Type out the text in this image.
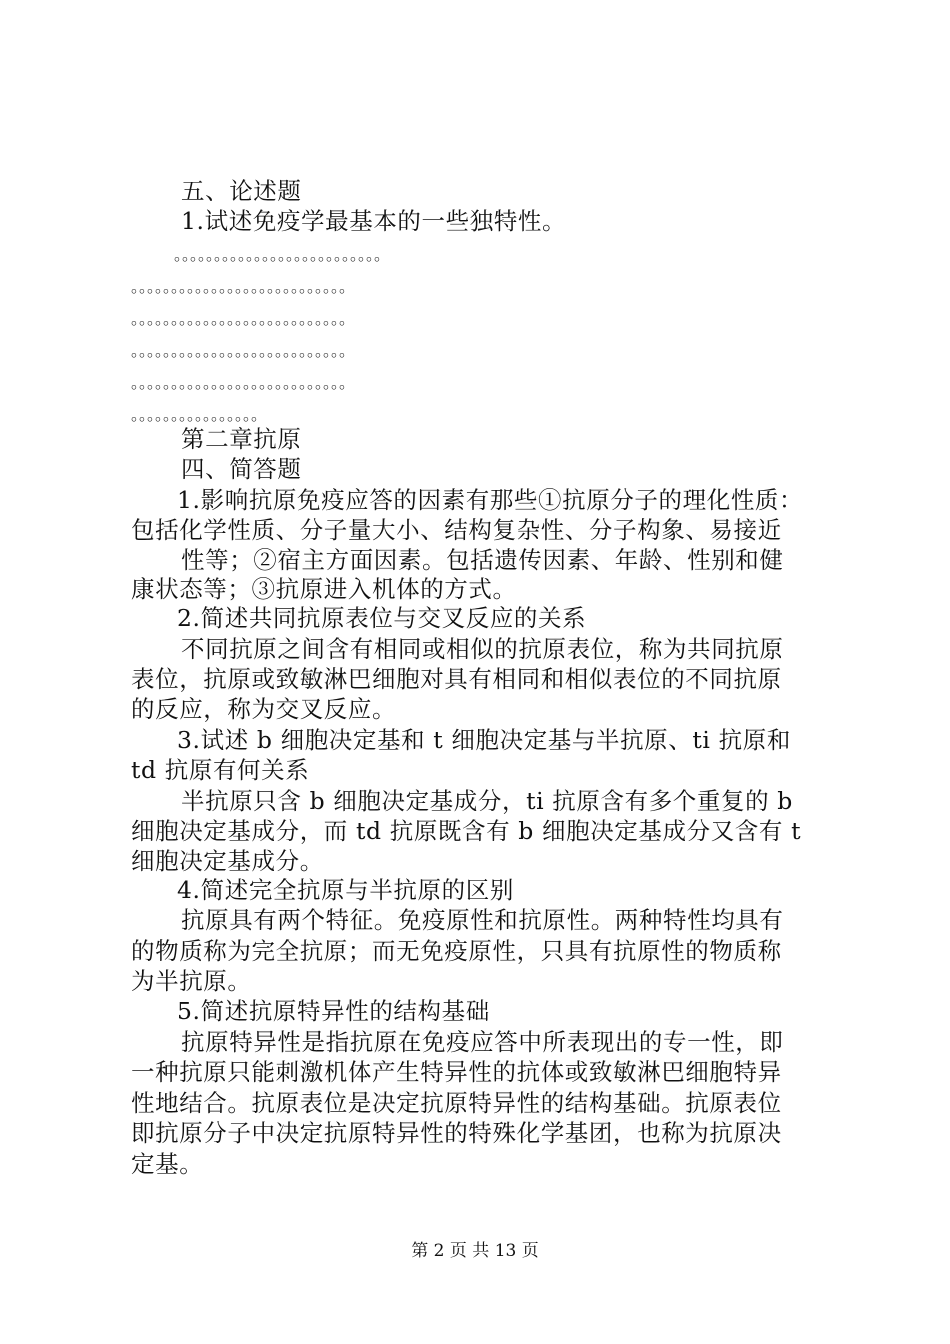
五、论述题
1.试述免疫学最基本的一些独特性。
。。。。。。。。。。。。。。。。。。。。。。。。。。
。。。。。。。。。。。。。。。。。。。。。。。。。。。
。。。。。。。。。。。。。。。。。。。。。。。。。。。
。。。。。。。。。。。。。。。。。。。。。。。。。。。
。。。。。。。。。。。。。。。。。。。。。。。。。。。
。。。。。。。。。。。。。。。。
第二章抗原
四、简答题
1.影响抗原免疫应答的因素有那些①抗原分子的理化性质：
包括化学性质、分子量大小、结构复杂性、分子构象、易接近
性等；②宿主方面因素。包括遗传因素、年龄、性别和健
康状态等；③抗原进入机体的方式。
2.简述共同抗原表位与交叉反应的关系
不同抗原之间含有相同或相似的抗原表位，称为共同抗原
表位，抗原或致敏淋巴细胞对具有相同和相似表位的不同抗原
的反应，称为交叉反应。
3.试述 b 细胞决定基和 t 细胞决定基与半抗原、ti 抗原和
td 抗原有何关系
半抗原只含 b 细胞决定基成分，ti 抗原含有多个重复的 b
细胞决定基成分，而 td 抗原既含有 b 细胞决定基成分又含有 t
细胞决定基成分。
4.简述完全抗原与半抗原的区别
抗原具有两个特征。免疫原性和抗原性。两种特性均具有
的物质称为完全抗原；而无免疫原性，只具有抗原性的物质称
为半抗原。
5.简述抗原特异性的结构基础
抗原特异性是指抗原在免疫应答中所表现出的专一性，即
一种抗原只能刺激机体产生特异性的抗体或致敏淋巴细胞特异
性地结合。抗原表位是决定抗原特异性的结构基础。抗原表位
即抗原分子中决定抗原特异性的特殊化学基团，也称为抗原决
定基。
第 2 页 共 13 页
